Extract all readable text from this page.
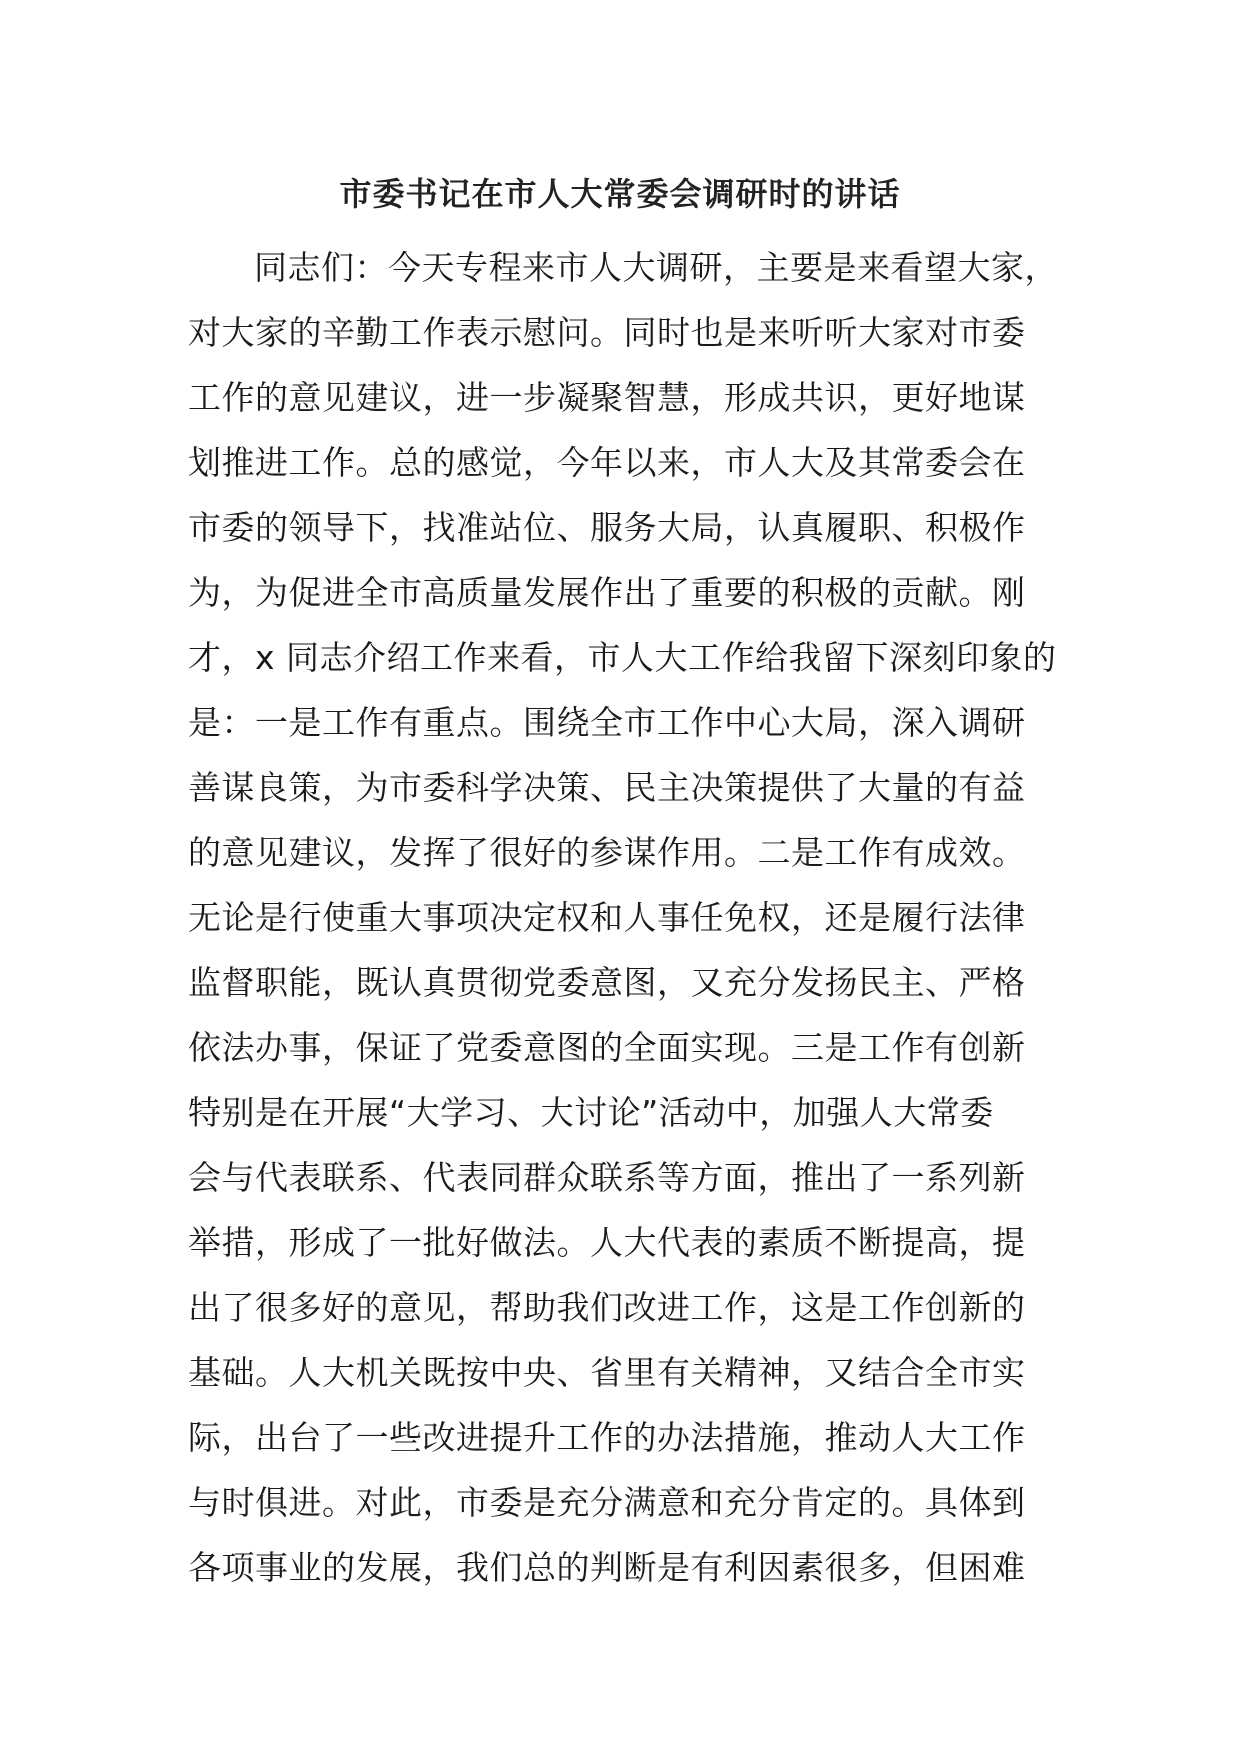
市委书记在市人大常委会调研时的讲话
同志们：今天专程来市人大调研，主要是来看望大家，
对大家的辛勤工作表示慰问。同时也是来听听大家对市委
工作的意见建议，进一步凝聚智慧，形成共识，更好地谋
划推进工作。总的感觉，今年以来，市人大及其常委会在
市委的领导下，找准站位、服务大局，认真履职、积极作
为，为促进全市高质量发展作出了重要的积极的贡献。刚
才，x 同志介绍工作来看，市人大工作给我留下深刻印象的
是：一是工作有重点。围绕全市工作中心大局，深入调研
善谋良策，为市委科学决策、民主决策提供了大量的有益
的意见建议，发挥了很好的参谋作用。二是工作有成效。
无论是行使重大事项决定权和人事任免权，还是履行法律
监督职能，既认真贯彻党委意图，又充分发扬民主、严格
依法办事，保证了党委意图的全面实现。三是工作有创新
特别是在开展“大学习、大讨论”活动中，加强人大常委
会与代表联系、代表同群众联系等方面，推出了一系列新
举措，形成了一批好做法。人大代表的素质不断提高，提
出了很多好的意见，帮助我们改进工作，这是工作创新的
基础。人大机关既按中央、省里有关精神，又结合全市实
际，出台了一些改进提升工作的办法措施，推动人大工作
与时俱进。对此，市委是充分满意和充分肯定的。具体到
各项事业的发展，我们总的判断是有利因素很多，但困难
